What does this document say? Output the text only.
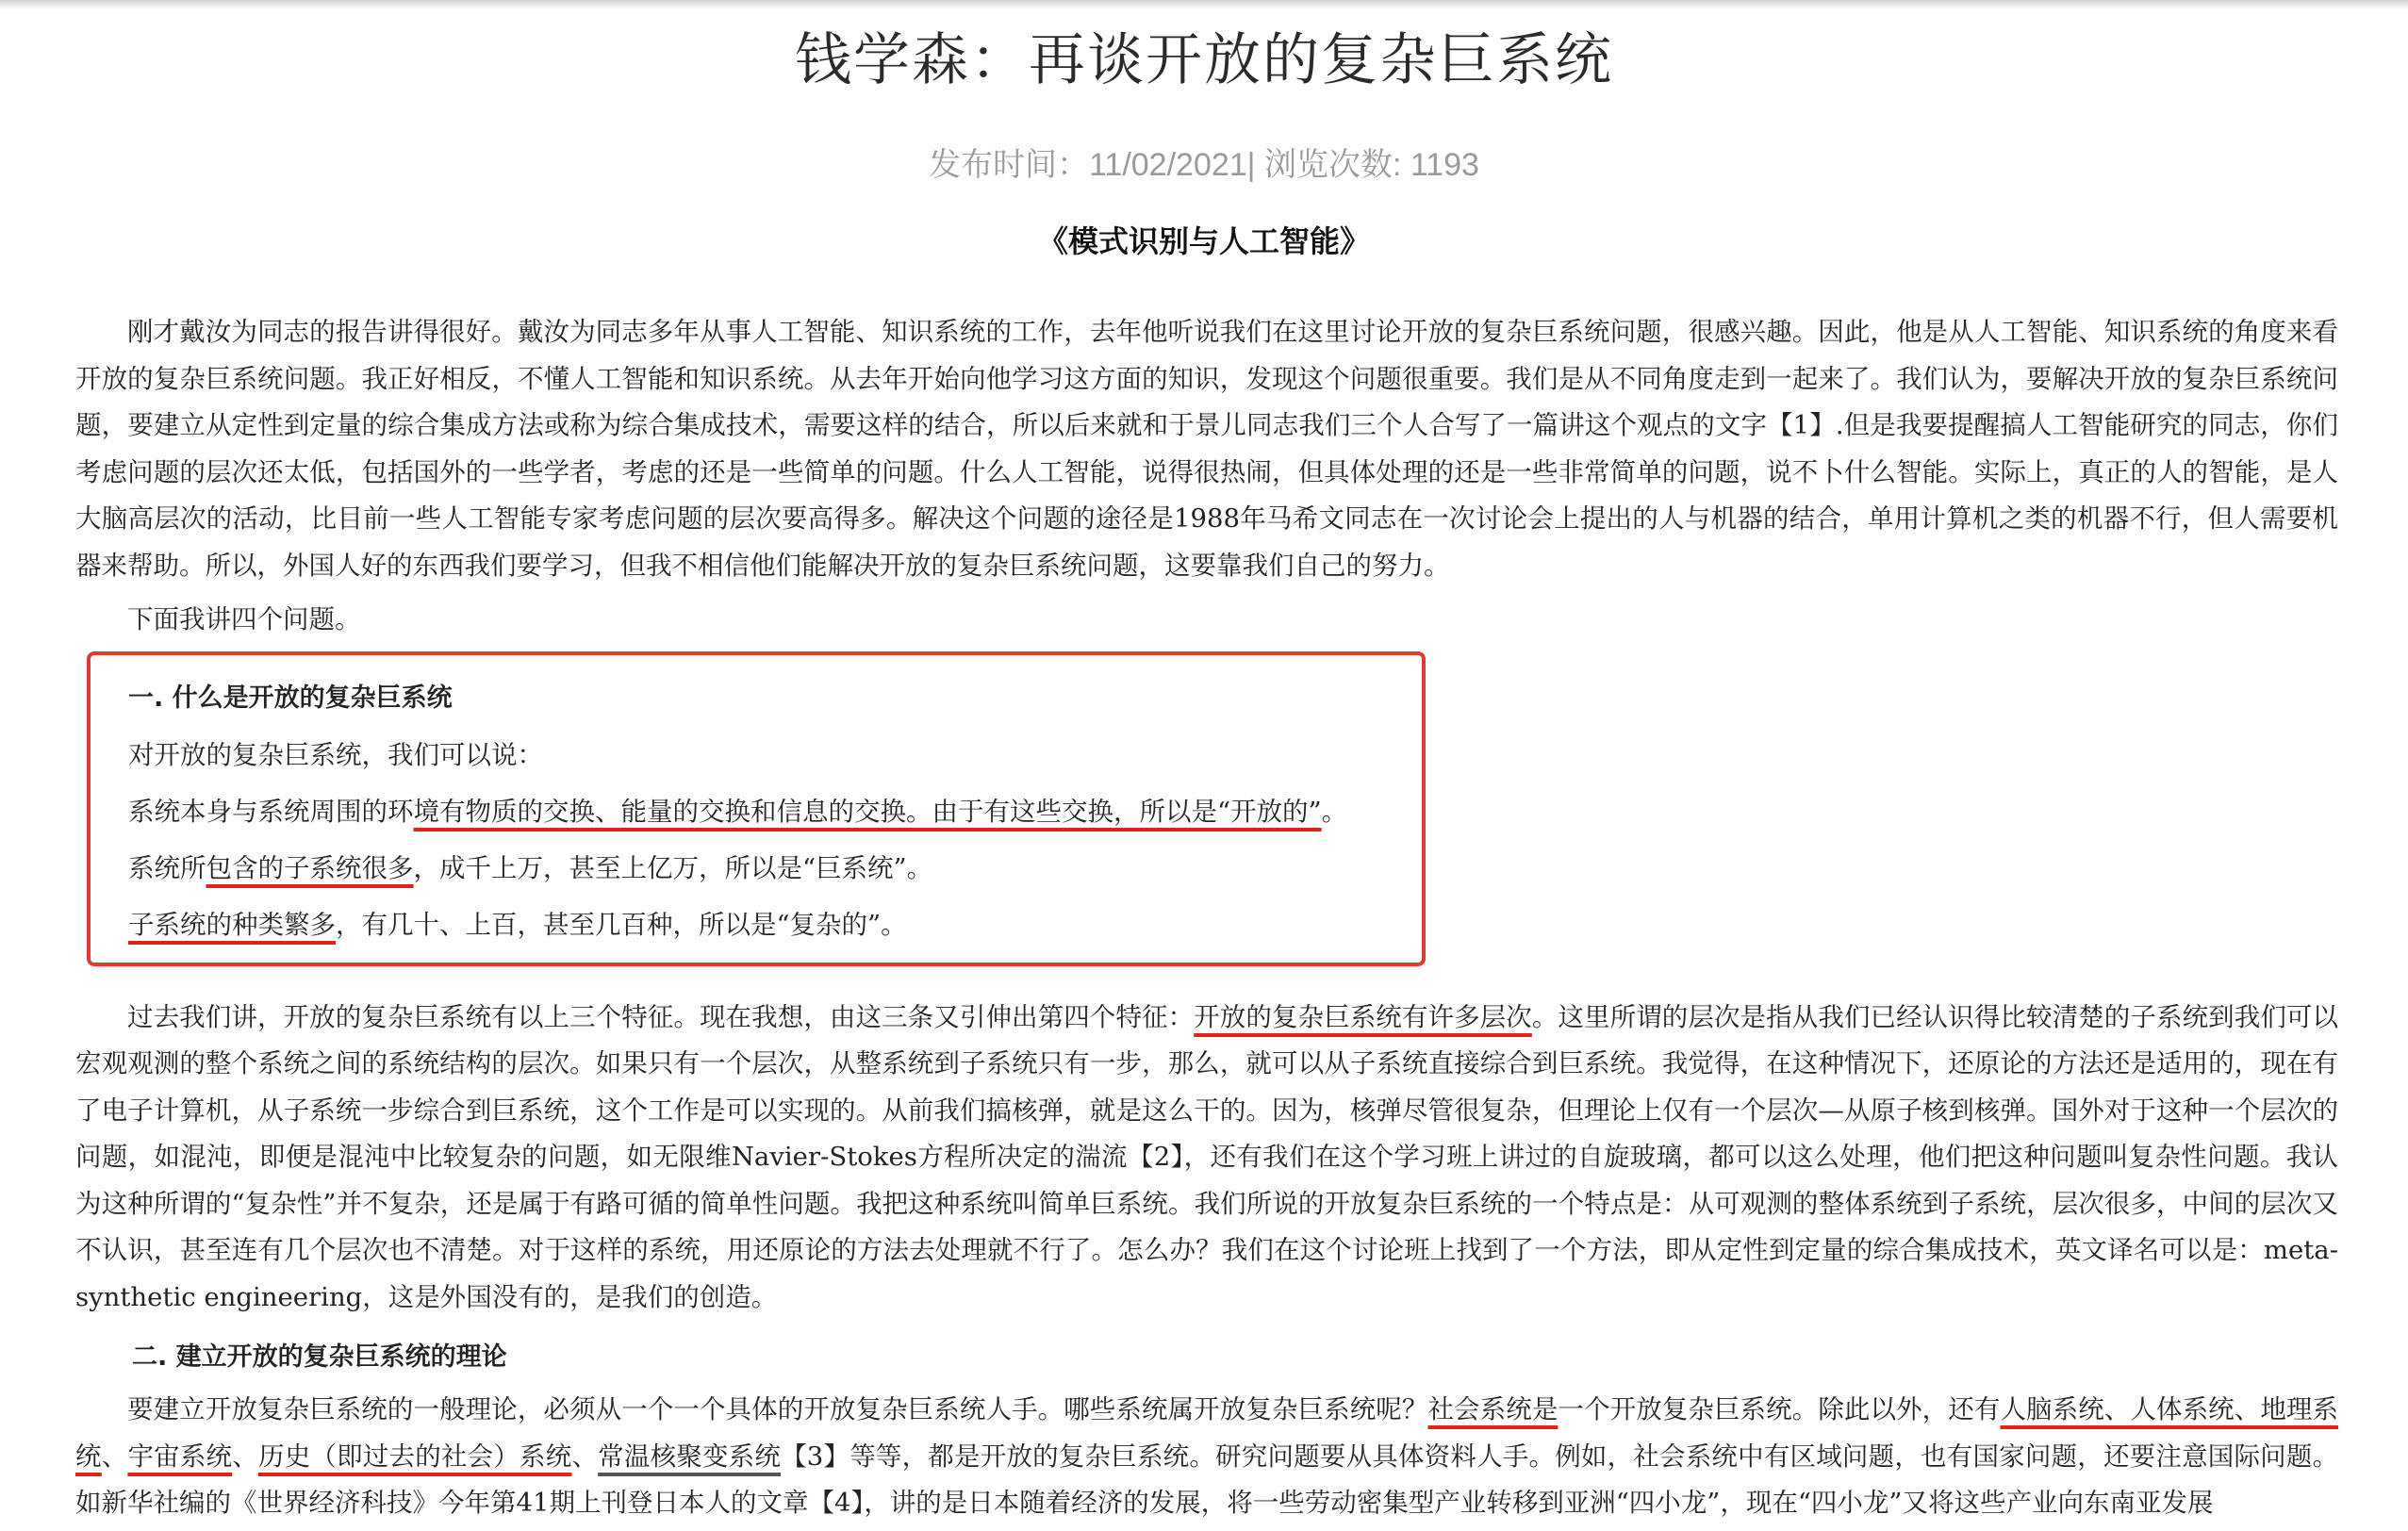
钱学森：再谈开放的复杂巨系统
发布时间：11/02/2021| 浏览次数: 1193
《模式识别与人工智能》

刚才戴汝为同志的报告讲得很好。戴汝为同志多年从事人工智能、知识系统的工作，去年他听说我们在这里讨论开放的复杂巨系统问题，很感兴趣。因此，他是从人工智能、知识系统的角度来看开放的复杂巨系统问题。我正好相反，不懂人工智能和知识系统。从去年开始向他学习这方面的知识，发现这个问题很重要。我们是从不同角度走到一起来了。我们认为，要解决开放的复杂巨系统问题，要建立从定性到定量的综合集成方法或称为综合集成技术，需要这样的结合，所以后来就和于景儿同志我们三个人合写了一篇讲这个观点的文字【1】.但是我要提醒搞人工智能研究的同志，你们考虑问题的层次还太低，包括国外的一些学者，考虑的还是一些简单的问题。什么人工智能，说得很热闹，但具体处理的还是一些非常简单的问题，说不卜什么智能。实际上，真正的人的智能，是人大脑高层次的活动，比目前一些人工智能专家考虑问题的层次要高得多。解决这个问题的途径是1988年马希文同志在一次讨论会上提出的人与机器的结合，单用计算机之类的机器不行，但人需要机器来帮助。所以，外国人好的东西我们要学习，但我不相信他们能解决开放的复杂巨系统问题，这要靠我们自己的努力。

下面我讲四个问题。

一. 什么是开放的复杂巨系统
对开放的复杂巨系统，我们可以说：
系统本身与系统周围的环境有物质的交换、能量的交换和信息的交换。由于有这些交换，所以是“开放的”。
系统所包含的子系统很多，成千上万，甚至上亿万，所以是“巨系统”。
子系统的种类繁多，有几十、上百，甚至几百种，所以是“复杂的”。

过去我们讲，开放的复杂巨系统有以上三个特征。现在我想，由这三条又引伸出第四个特征：开放的复杂巨系统有许多层次。这里所谓的层次是指从我们已经认识得比较清楚的子系统到我们可以宏观观测的整个系统之间的系统结构的层次。如果只有一个层次，从整系统到子系统只有一步，那么，就可以从子系统直接综合到巨系统。我觉得，在这种情况下，还原论的方法还是适用的，现在有了电子计算机，从子系统一步综合到巨系统，这个工作是可以实现的。从前我们搞核弹，就是这么干的。因为，核弹尽管很复杂，但理论上仅有一个层次—从原子核到核弹。国外对于这种一个层次的问题，如混沌，即便是混沌中比较复杂的问题，如无限维Navier-Stokes方程所决定的湍流【2】，还有我们在这个学习班上讲过的自旋玻璃，都可以这么处理，他们把这种问题叫复杂性问题。我认为这种所谓的“复杂性”并不复杂，还是属于有路可循的简单性问题。我把这种系统叫简单巨系统。我们所说的开放复杂巨系统的一个特点是：从可观测的整体系统到子系统，层次很多，中间的层次又不认识，甚至连有几个层次也不清楚。对于这样的系统，用还原论的方法去处理就不行了。怎么办？我们在这个讨论班上找到了一个方法，即从定性到定量的综合集成技术，英文译名可以是：meta-synthetic engineering，这是外国没有的，是我们的创造。

二. 建立开放的复杂巨系统的理论

要建立开放复杂巨系统的一般理论，必须从一个一个具体的开放复杂巨系统人手。哪些系统属开放复杂巨系统呢？社会系统是一个开放复杂巨系统。除此以外，还有人脑系统、人体系统、地理系统、宇宙系统、历史（即过去的社会）系统、常温核聚变系统【3】等等，都是开放的复杂巨系统。研究问题要从具体资料人手。例如，社会系统中有区域问题，也有国家问题，还要注意国际问题。如新华社编的《世界经济科技》今年第41期上刊登日本人的文章【4】，讲的是日本随着经济的发展，将一些劳动密集型产业转移到亚洲“四小龙”，现在“四小龙”又将这些产业向东南亚发展
